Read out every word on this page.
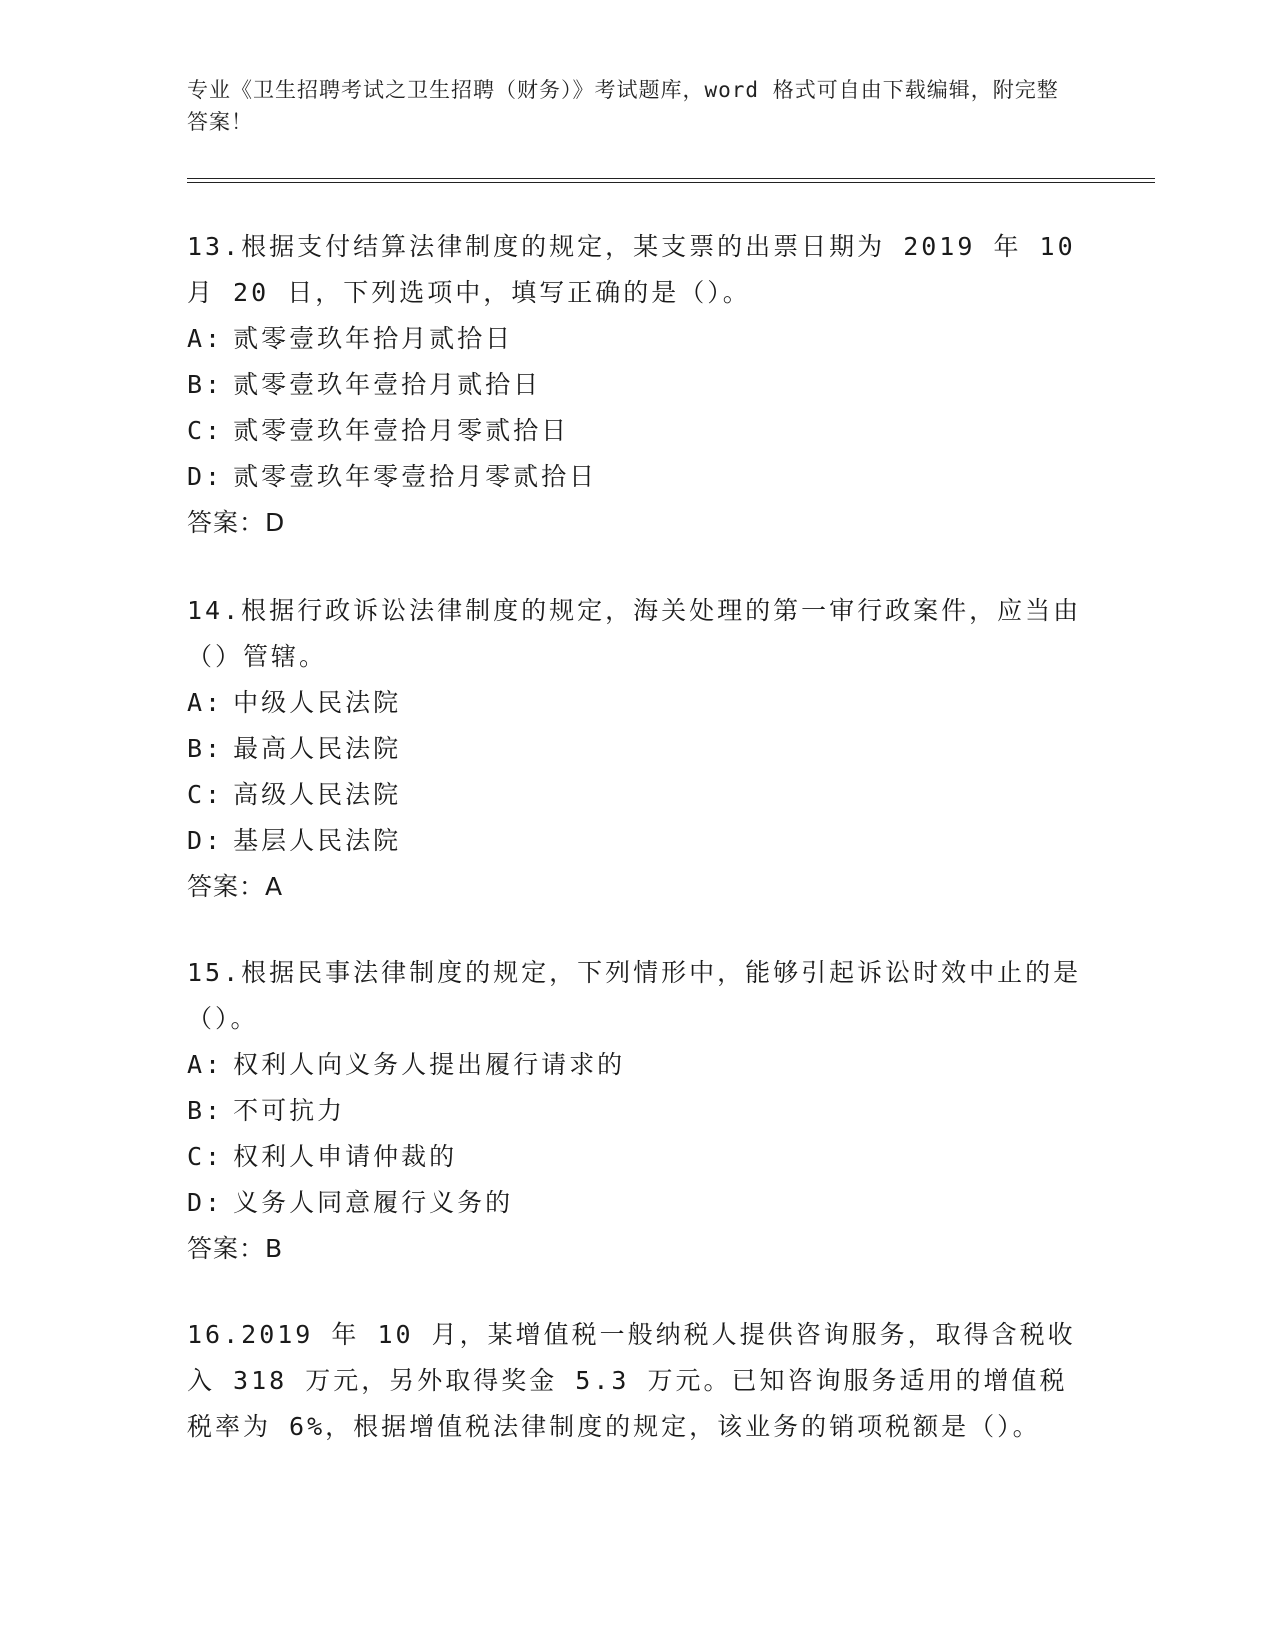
专业《卫生招聘考试之卫生招聘（财务）》考试题库，word 格式可自由下载编辑，附完整答案！

13.根据支付结算法律制度的规定，某支票的出票日期为 2019 年 10 月 20 日，下列选项中，填写正确的是（）。

A: 贰零壹玖年拾月贰拾日

B: 贰零壹玖年壹拾月贰拾日

C: 贰零壹玖年壹拾月零贰拾日

D: 贰零壹玖年零壹拾月零贰拾日

答案：D

14.根据行政诉讼法律制度的规定，海关处理的第一审行政案件，应当由（）管辖。

A: 中级人民法院

B: 最高人民法院

C: 高级人民法院

D: 基层人民法院

答案：A

15.根据民事法律制度的规定，下列情形中，能够引起诉讼时效中止的是（）。

A: 权利人向义务人提出履行请求的

B: 不可抗力

C: 权利人申请仲裁的

D: 义务人同意履行义务的

答案：B

16.2019 年 10 月，某增值税一般纳税人提供咨询服务，取得含税收入 318 万元，另外取得奖金 5.3 万元。已知咨询服务适用的增值税税率为 6%，根据增值税法律制度的规定，该业务的销项税额是（）。
